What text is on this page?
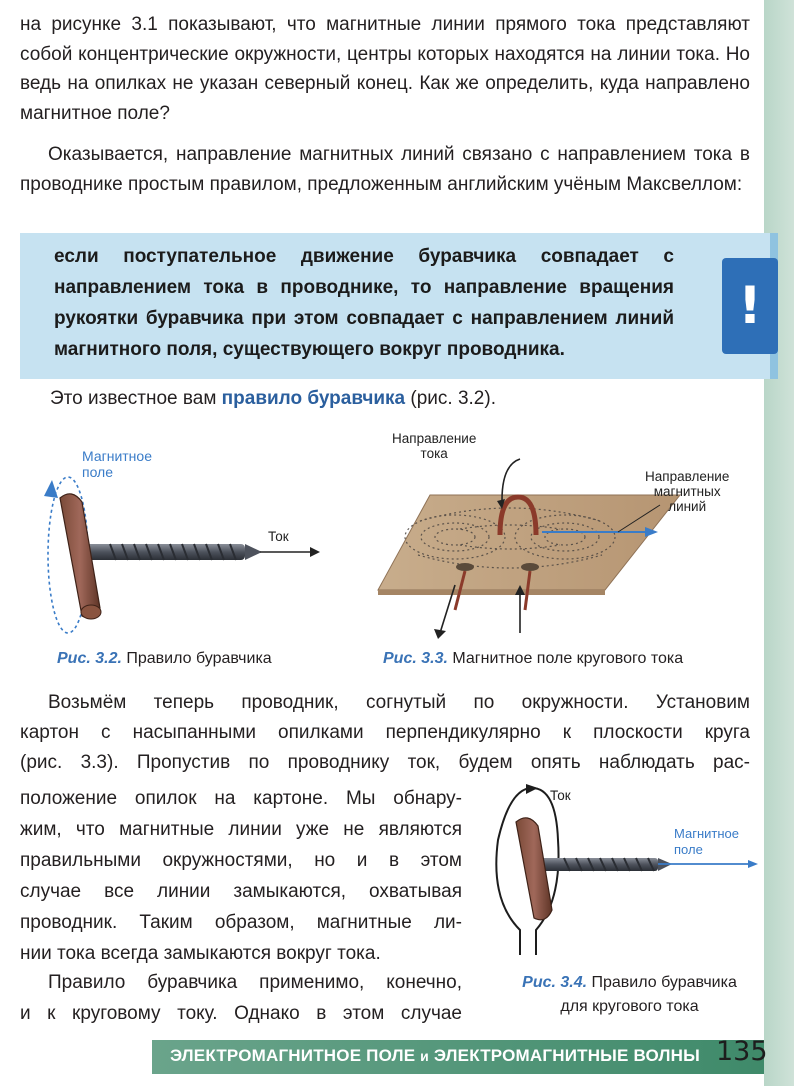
на рисунке 3.1 показывают, что магнитные линии прямого тока представляют собой концентрические окружности, центры которых находятся на линии тока. Но ведь на опилках не указан северный конец. Как же определить, куда направлено магнитное поле?

Оказывается, направление магнитных линий связано с направлением тока в проводнике простым правилом, предложенным английским учёным Максвеллом:

если поступательное движение буравчика совпадает с направлением тока в проводнике, то направление вращения рукоятки буравчика при этом совпадает с направлением линий магнитного поля, существующего вокруг проводника.

!
Это известное вам правило буравчика (рис. 3.2).
Магнитное
поле
Ток
Рис. 3.2. Правило буравчика
Направление
тока
Направление
магнитных
линий
Рис. 3.3. Магнитное поле кругового тока
Возьмём теперь проводник, согнутый по окружности. Установим
картон с насыпанными опилками перпендикулярно к плоскости круга
(рис. 3.3). Пропустив по проводнику ток, будем опять наблюдать рас-
положение опилок на картоне. Мы обнару-
жим, что магнитные линии уже не являются
правильными окружностями, но и в этом
случае все линии замыкаются, охватывая
проводник. Таким образом, магнитные ли-
нии тока всегда замыкаются вокруг тока.
Правило буравчика применимо, конечно,
и к круговому току. Однако в этом случае
Ток
Магнитное
поле
Рис. 3.4. Правило буравчика
для кругового тока
ЭЛЕКТРОМАГНИТНОЕ ПОЛЕ и ЭЛЕКТРОМАГНИТНЫЕ ВОЛНЫ 135
